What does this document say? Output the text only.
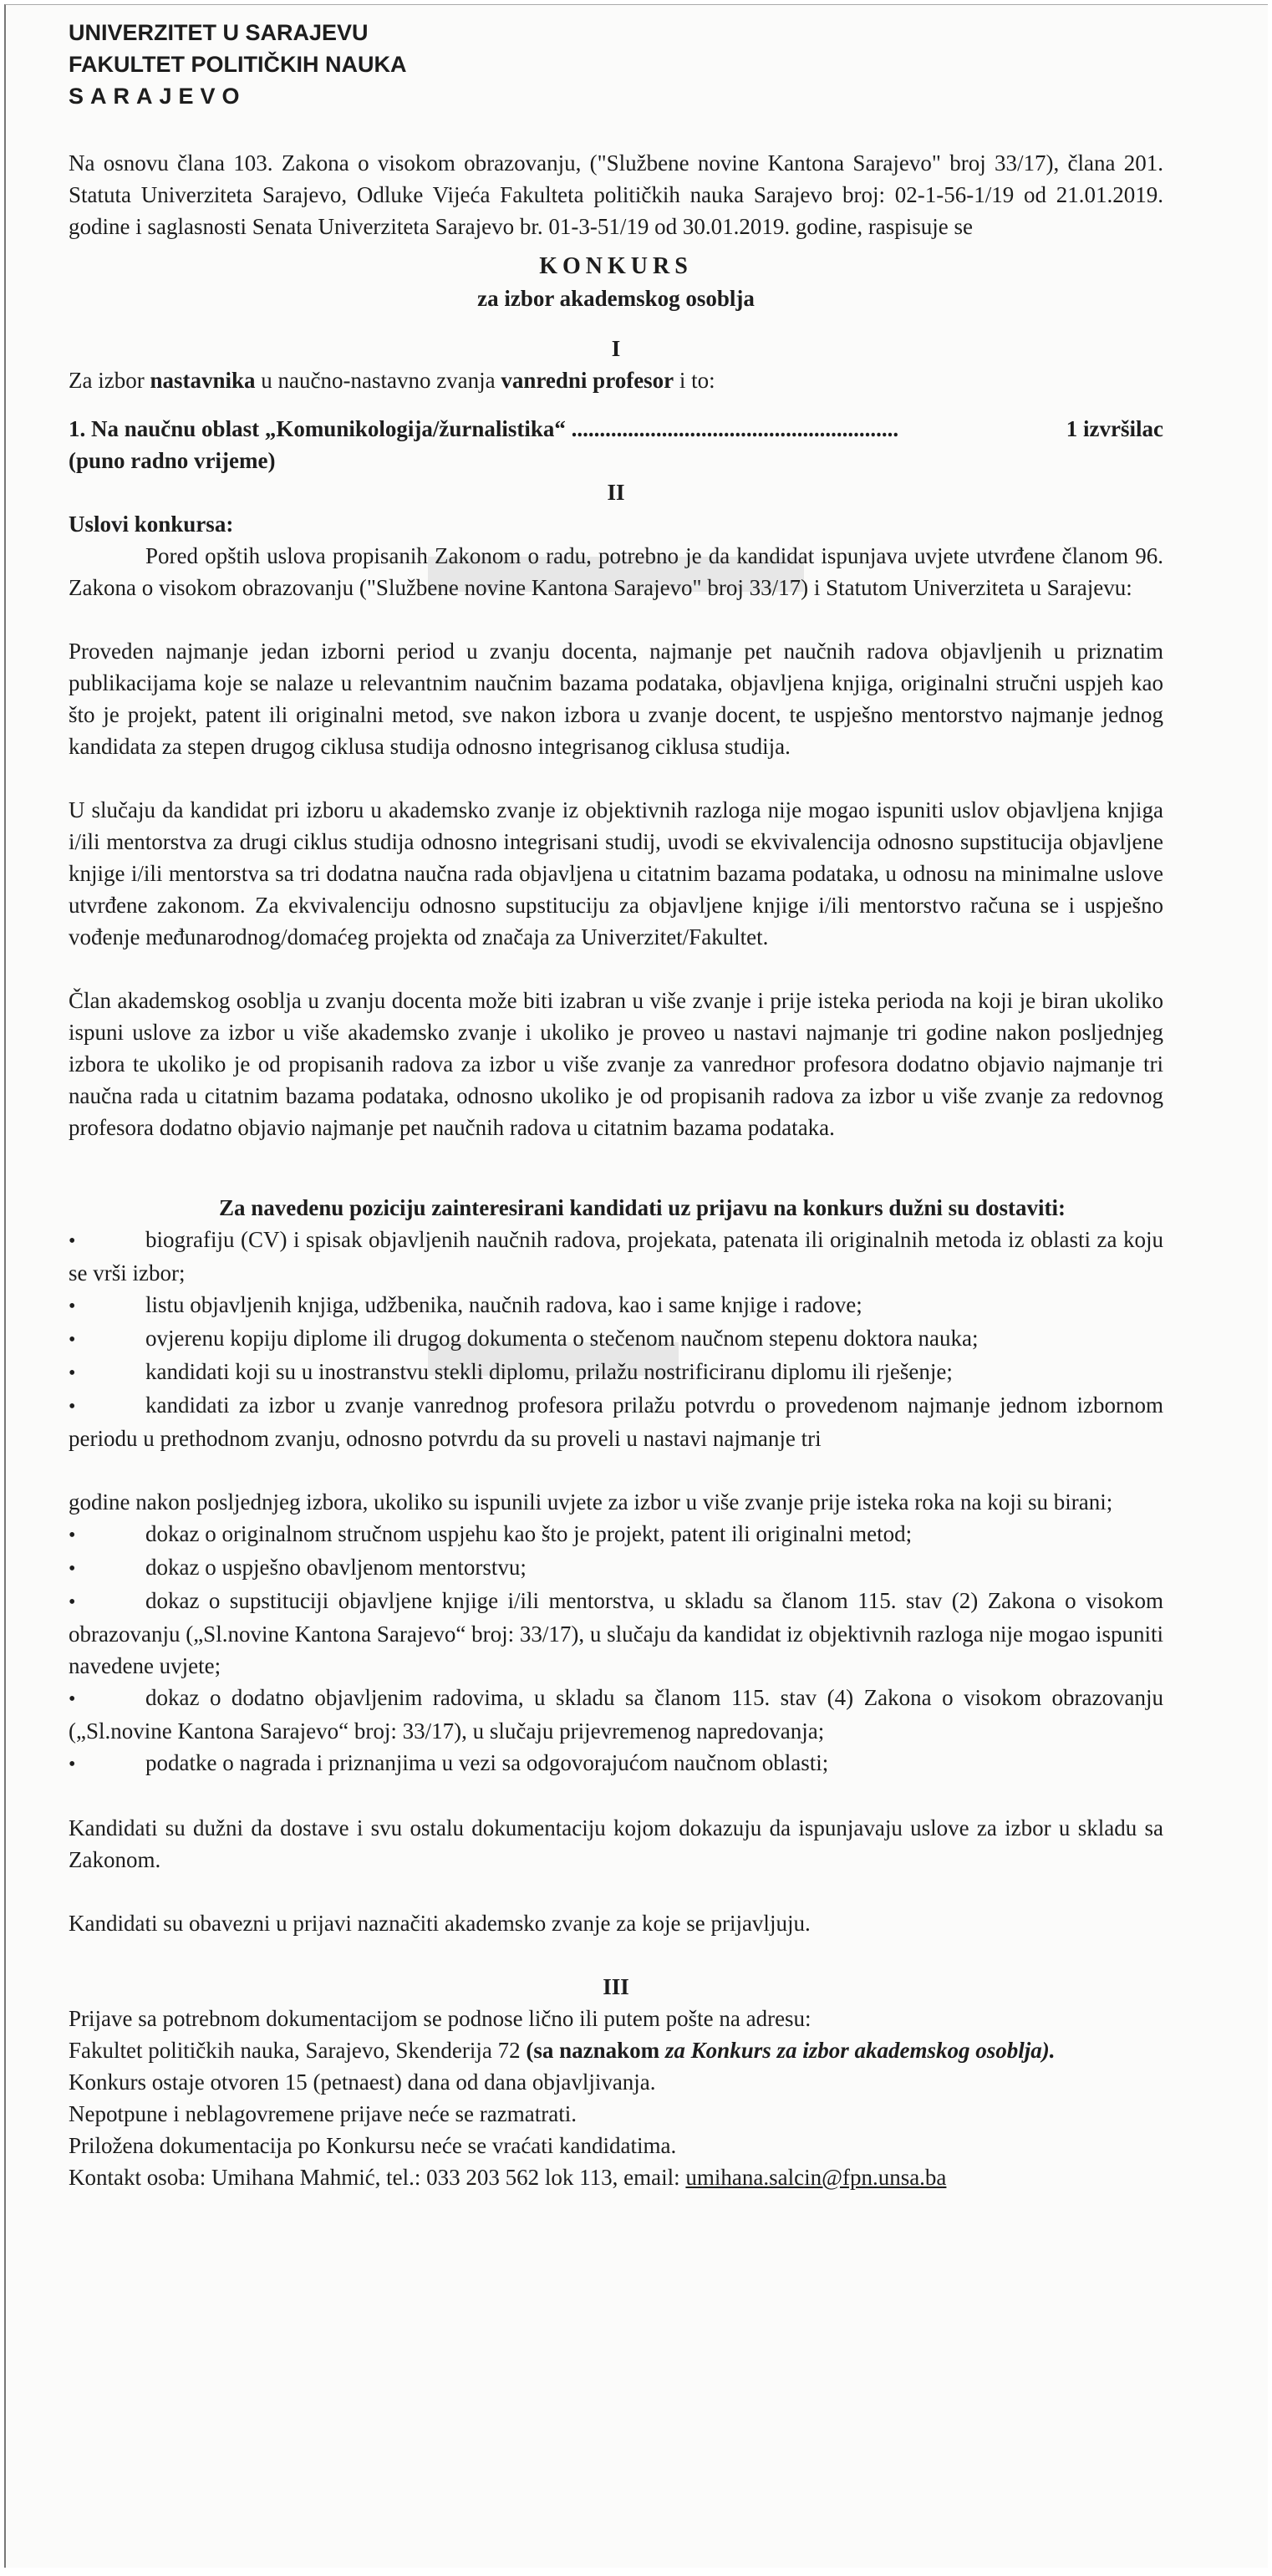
UNIVERZITET U SARAJEVU
FAKULTET POLITIČKIH NAUKA
SARAJEVO

Na osnovu člana 103. Zakona o visokom obrazovanju, ("Službene novine Kantona Sarajevo" broj 33/17), člana 201. Statuta Univerziteta Sarajevo, Odluke Vijeća Fakulteta političkih nauka Sarajevo broj: 02-1-56-1/19 od 21.01.2019. godine i saglasnosti Senata Univerziteta Sarajevo br. 01-3-51/19 od 30.01.2019. godine, raspisuje se

KONKURS
za izbor akademskog osoblja
I

Za izbor nastavnika u naučno-nastavno zvanja vanredni profesor i to:

1. Na naučnu oblast „Komunikologija/žurnalistika“ ..........................................................	1 izvršilac
(puno radno vrijeme)
II
Uslovi konkursa:

Pored opštih uslova propisanih Zakonom o radu, potrebno je da kandidat ispunjava uvjete utvrđene članom 96. Zakona o visokom obrazovanju ("Službene novine Kantona Sarajevo" broj 33/17) i Statutom Univerziteta u Sarajevu:

Proveden najmanje jedan izborni period u zvanju docenta, najmanje pet naučnih radova objavljenih u priznatim publikacijama koje se nalaze u relevantnim naučnim bazama podataka, objavljena knjiga, originalni stručni uspjeh kao što je projekt, patent ili originalni metod, sve nakon izbora u zvanje docent, te uspješno mentorstvo najmanje jednog kandidata za stepen drugog ciklusa studija odnosno integrisanog ciklusa studija.

U slučaju da kandidat pri izboru u akademsko zvanje iz objektivnih razloga nije mogao ispuniti uslov objavljena knjiga i/ili mentorstva za drugi ciklus studija odnosno integrisani studij, uvodi se ekvivalencija odnosno supstitucija objavljene knjige i/ili mentorstva sa tri dodatna naučna rada objavljena u citatnim bazama podataka, u odnosu na minimalne uslove utvrđene zakonom. Za ekvivalenciju odnosno supstituciju za objavljene knjige i/ili mentorstvo računa se i uspješno vođenje međunarodnog/domaćeg projekta od značaja za Univerzitet/Fakultet.

Član akademskog osoblja u zvanju docenta može biti izabran u više zvanje i prije isteka perioda na koji je biran ukoliko ispuni uslove za izbor u više akademsko zvanje i ukoliko je proveo u nastavi najmanje tri godine nakon posljednjeg izbora te ukoliko je od propisanih radova za izbor u više zvanje za vanredног profesora dodatno objavio najmanje tri naučna rada u citatnim bazama podataka, odnosno ukoliko je od propisanih radova za izbor u više zvanje za redovnog profesora dodatno objavio najmanje pet naučnih radova u citatnim bazama podataka.

Za navedenu poziciju zainteresirani kandidati uz prijavu na konkurs dužni su dostaviti:

•biografiju (CV) i spisak objavljenih naučnih radova, projekata, patenata ili originalnih metoda iz oblasti za koju se vrši izbor;

•listu objavljenih knjiga, udžbenika, naučnih radova, kao i same knjige i radove;

•ovjerenu kopiju diplome ili drugog dokumenta o stečenom naučnom stepenu doktora nauka;

•kandidati koji su u inostranstvu stekli diplomu, prilažu nostrificiranu diplomu ili rješenje;

•kandidati za izbor u zvanje vanrednog profesora prilažu potvrdu o provedenom najmanje jednom izbornom periodu u prethodnom zvanju, odnosno potvrdu da su proveli u nastavi najmanje tri

godine nakon posljednjeg izbora, ukoliko su ispunili uvjete za izbor u više zvanje prije isteka roka na koji su birani;

•dokaz o originalnom stručnom uspjehu kao što je projekt, patent ili originalni metod;

•dokaz o uspješno obavljenom mentorstvu;

•dokaz o supstituciji objavljene knjige i/ili mentorstva, u skladu sa članom 115. stav (2) Zakona o visokom obrazovanju („Sl.novine Kantona Sarajevo“ broj: 33/17), u slučaju da kandidat iz objektivnih razloga nije mogao ispuniti navedene uvjete;

•dokaz o dodatno objavljenim radovima, u skladu sa članom 115. stav (4) Zakona o visokom obrazovanju („Sl.novine Kantona Sarajevo“ broj: 33/17), u slučaju prijevremenog napredovanja;

•podatke o nagrada i priznanjima u vezi sa odgovorajućom naučnom oblasti;

Kandidati su dužni da dostave i svu ostalu dokumentaciju kojom dokazuju da ispunjavaju uslove za izbor u skladu sa Zakonom.

Kandidati su obavezni u prijavi naznačiti akademsko zvanje za koje se prijavljuju.

III

Prijave sa potrebnom dokumentacijom se podnose lično ili putem pošte na adresu:

Fakultet političkih nauka, Sarajevo, Skenderija 72 (sa naznakom za Konkurs za izbor akademskog osoblja).

Konkurs ostaje otvoren 15 (petnaest) dana od dana objavljivanja.

Nepotpune i neblagovremene prijave neće se razmatrati.

Priložena dokumentacija po Konkursu neće se vraćati kandidatima.

Kontakt osoba: Umihana Mahmić, tel.: 033 203 562 lok 113, email: umihana.salcin@fpn.unsa.ba
